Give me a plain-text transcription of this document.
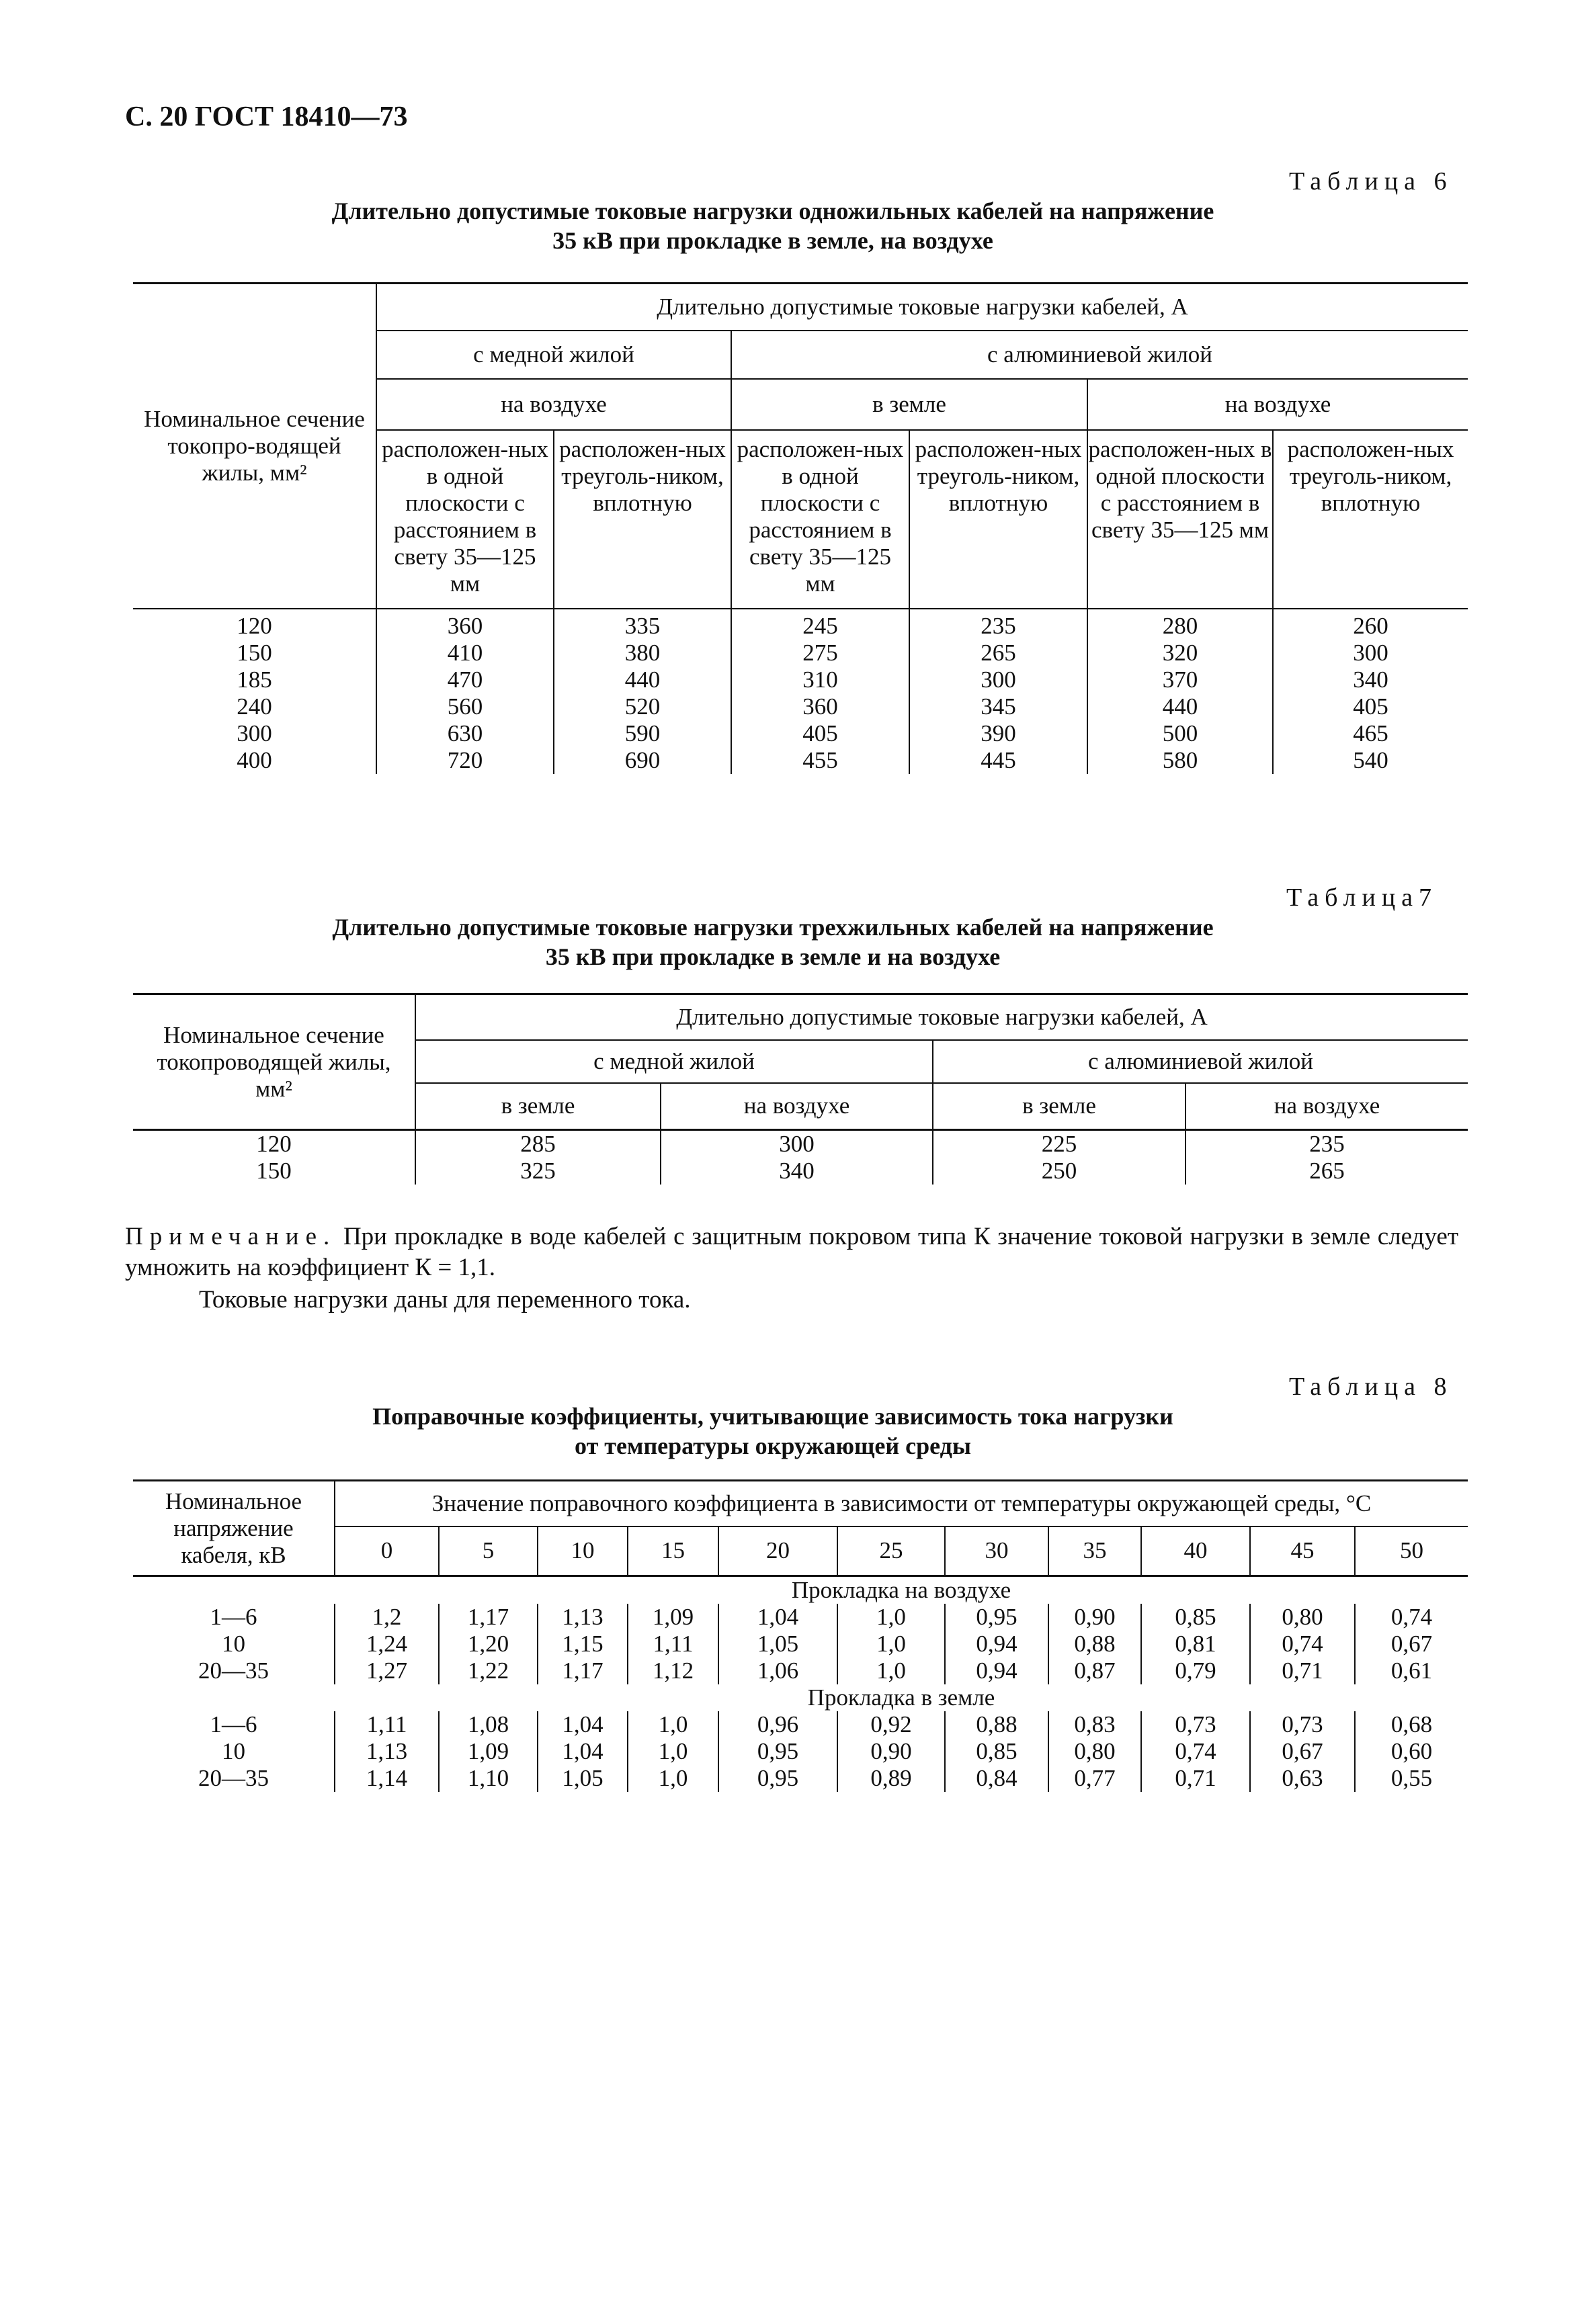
С. 20 ГОСТ 18410—73
Таблица 6
Длительно допустимые токовые нагрузки одножильных кабелей на напряжение
35 кВ при прокладке в земле, на воздухе
Номинальное сечение токопро-водящей жилы, мм²	Длительно допустимые токовые нагрузки кабелей, А					
	с медной жилой		с алюминиевой жилой			
	на воздухе		в земле		на воздухе	
	расположен-ных в одной плоскости с расстоянием в свету 35—125 мм	расположен-ных треуголь-ником, вплотную	расположен-ных в одной плоскости с расстоянием в свету 35—125 мм	расположен-ных треуголь-ником, вплотную	расположен-ных в одной плоскости с расстоянием в свету 35—125 мм	расположен-ных треуголь-ником, вплотную

120	360	335	245	235	280	260
150	410	380	275	265	320	300
185	470	440	310	300	370	340
240	560	520	360	345	440	405
300	630	590	405	390	500	465
400	720	690	455	445	580	540
Таблица7
Длительно допустимые токовые нагрузки трехжильных кабелей на напряжение
35 кВ при прокладке в земле и на воздухе
Номинальное сечение токопроводящей жилы, мм²	Длительно допустимые токовые нагрузки кабелей, А			
	с медной жилой		с алюминиевой жилой	
	в земле	на воздухе	в земле	на воздухе
120	285	300	225	235
150	325	340	250	265

Примечание. При прокладке в воде кабелей с защитным покровом типа К значение токовой нагрузки в земле следует умножить на коэффициент К = 1,1.

Токовые нагрузки даны для переменного тока.

Таблица 8
Поправочные коэффициенты, учитывающие зависимость тока нагрузки
от температуры окружающей среды
Номинальное напряжение кабеля, кВ	Значение поправочного коэффициента в зависимости от температуры окружающей среды, °С										
	0	5	10	15	20	25	30	35	40	45	50
	Прокладка на воздухе										
1—6	1,2	1,17	1,13	1,09	1,04	1,0	0,95	0,90	0,85	0,80	0,74
10	1,24	1,20	1,15	1,11	1,05	1,0	0,94	0,88	0,81	0,74	0,67
20—35	1,27	1,22	1,17	1,12	1,06	1,0	0,94	0,87	0,79	0,71	0,61
	Прокладка в земле										
1—6	1,11	1,08	1,04	1,0	0,96	0,92	0,88	0,83	0,73	0,73	0,68
10	1,13	1,09	1,04	1,0	0,95	0,90	0,85	0,80	0,74	0,67	0,60
20—35	1,14	1,10	1,05	1,0	0,95	0,89	0,84	0,77	0,71	0,63	0,55
